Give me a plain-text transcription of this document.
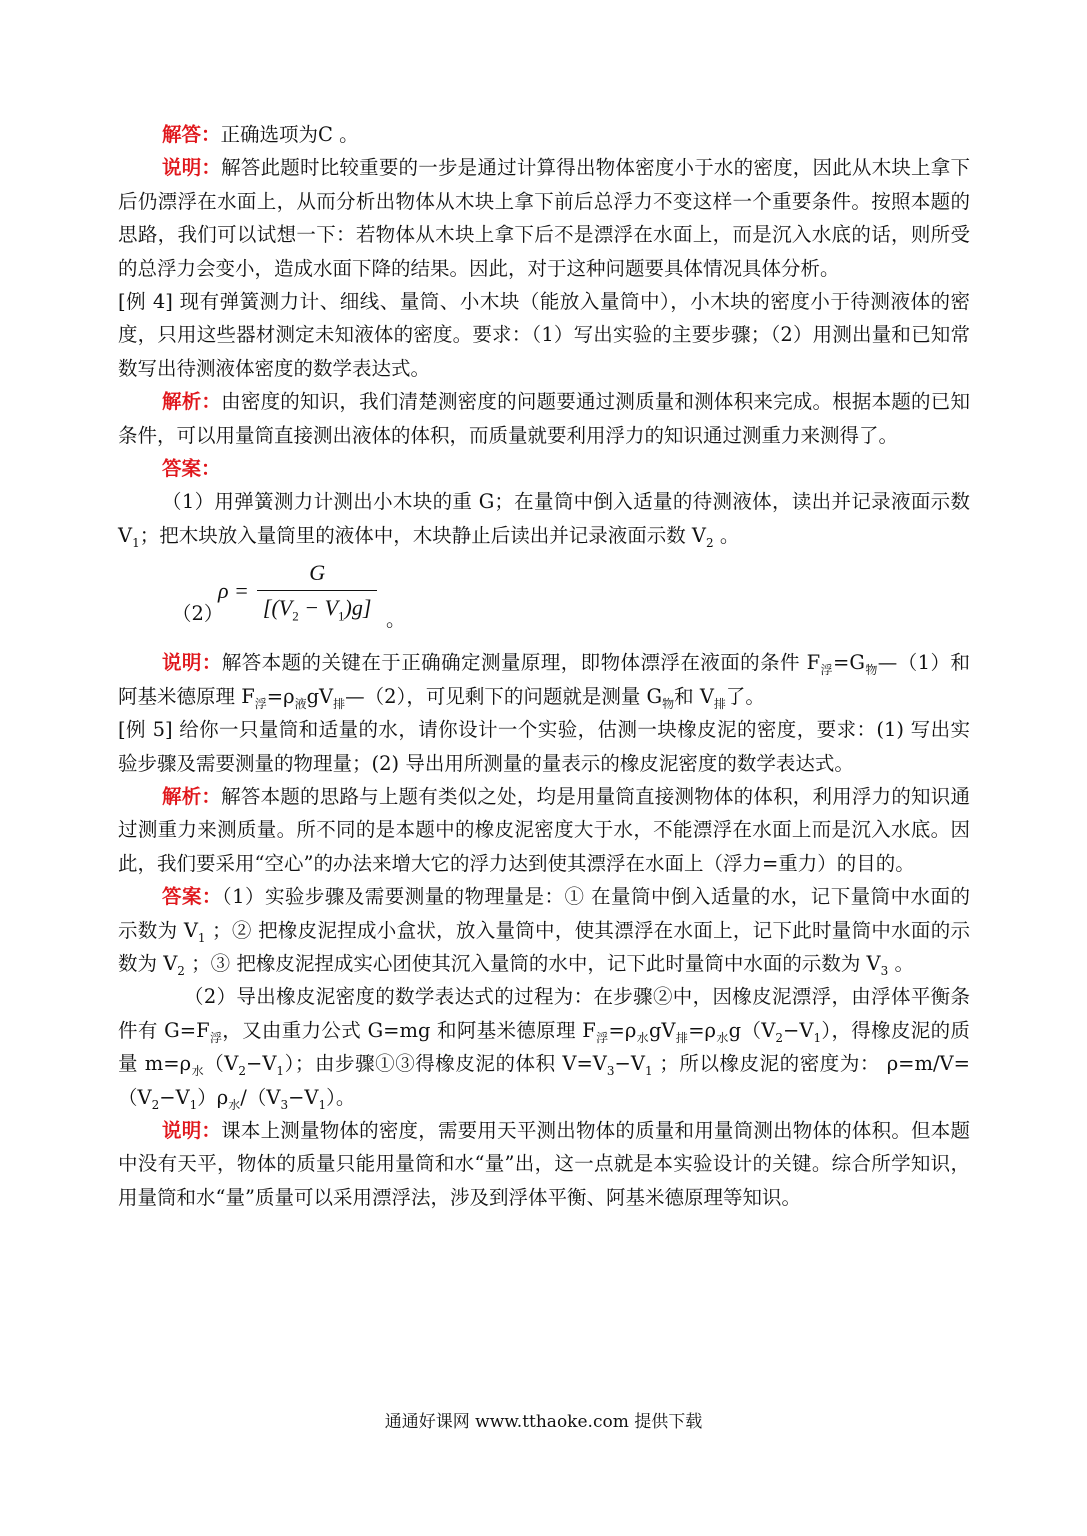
解答：正确选项为C 。

说明：解答此题时比较重要的一步是通过计算得出物体密度小于水的密度，因此从木块上拿下后仍漂浮在水面上，从而分析出物体从木块上拿下前后总浮力不变这样一个重要条件。按照本题的思路，我们可以试想一下：若物体从木块上拿下后不是漂浮在水面上，而是沉入水底的话，则所受的总浮力会变小，造成水面下降的结果。因此，对于这种问题要具体情况具体分析。

[例 4] 现有弹簧测力计、细线、量筒、小木块（能放入量筒中），小木块的密度小于待测液体的密度，只用这些器材测定未知液体的密度。要求：（1）写出实验的主要步骤；（2）用测出量和已知常数写出待测液体密度的数学表达式。

解析：由密度的知识，我们清楚测密度的问题要通过测质量和测体积来完成。根据本题的已知条件，可以用量筒直接测出液体的体积，而质量就要利用浮力的知识通过测重力来测得了。

答案：

（1）用弹簧测力计测出小木块的重 G；在量筒中倒入适量的待测液体，读出并记录液面示数 $V_1$；把木块放入量筒里的液体中，木块静止后读出并记录液面示数 $V_2$ 。

（2）
$\rho = \frac{G}{[(V_2 - V_1)g]}$ 。

说明：解答本题的关键在于正确确定测量原理，即物体漂浮在液面的条件 $F_浮=G_物—(1)$和阿基米德原理 $F_浮=\rho_液gV_排—(2)$，可见剩下的问题就是测量 $G_物$和 $V_排$了。

[例 5] 给你一只量筒和适量的水，请你设计一个实验，估测一块橡皮泥的密度，要求：(1) 写出实验步骤及需要测量的物理量；(2) 导出用所测量的量表示的橡皮泥密度的数学表达式。

解析：解答本题的思路与上题有类似之处，均是用量筒直接测物体的体积，利用浮力的知识通过测重力来测质量。所不同的是本题中的橡皮泥密度大于水，不能漂浮在水面上而是沉入水底。因此，我们要采用“空心”的办法来增大它的浮力达到使其漂浮在水面上（浮力=重力）的目的。

答案：（1）实验步骤及需要测量的物理量是：① 在量筒中倒入适量的水，记下量筒中水面的示数为 $V_1$ ；② 把橡皮泥捏成小盒状，放入量筒中，使其漂浮在水面上，记下此时量筒中水面的示数为 $V_2$ ；③ 把橡皮泥捏成实心团使其沉入量筒的水中，记下此时量筒中水面的示数为 $V_3$ 。

（2）导出橡皮泥密度的数学表达式的过程为：在步骤②中，因橡皮泥漂浮，由浮体平衡条件有 $G=F_浮$，又由重力公式 G=mg 和阿基米德原理 $F_浮=\rho_水gV_排=\rho_水g(V_2-V_1)$，得橡皮泥的质量 $m=\rho_水(V_2-V_1)$；由步骤①③得橡皮泥的体积 $V=V_3-V_1$ ；所以橡皮泥的密度为： $\rho=m/V=(V_2-V_1)\rho_水/(V_3-V_1)$。

说明：课本上测量物体的密度，需要用天平测出物体的质量和用量筒测出物体的体积。但本题中没有天平，物体的质量只能用量筒和水“量”出，这一点就是本实验设计的关键。综合所学知识，用量筒和水“量”质量可以采用漂浮法，涉及到浮体平衡、阿基米德原理等知识。

通通好课网 www.tthaoke.com 提供下载
